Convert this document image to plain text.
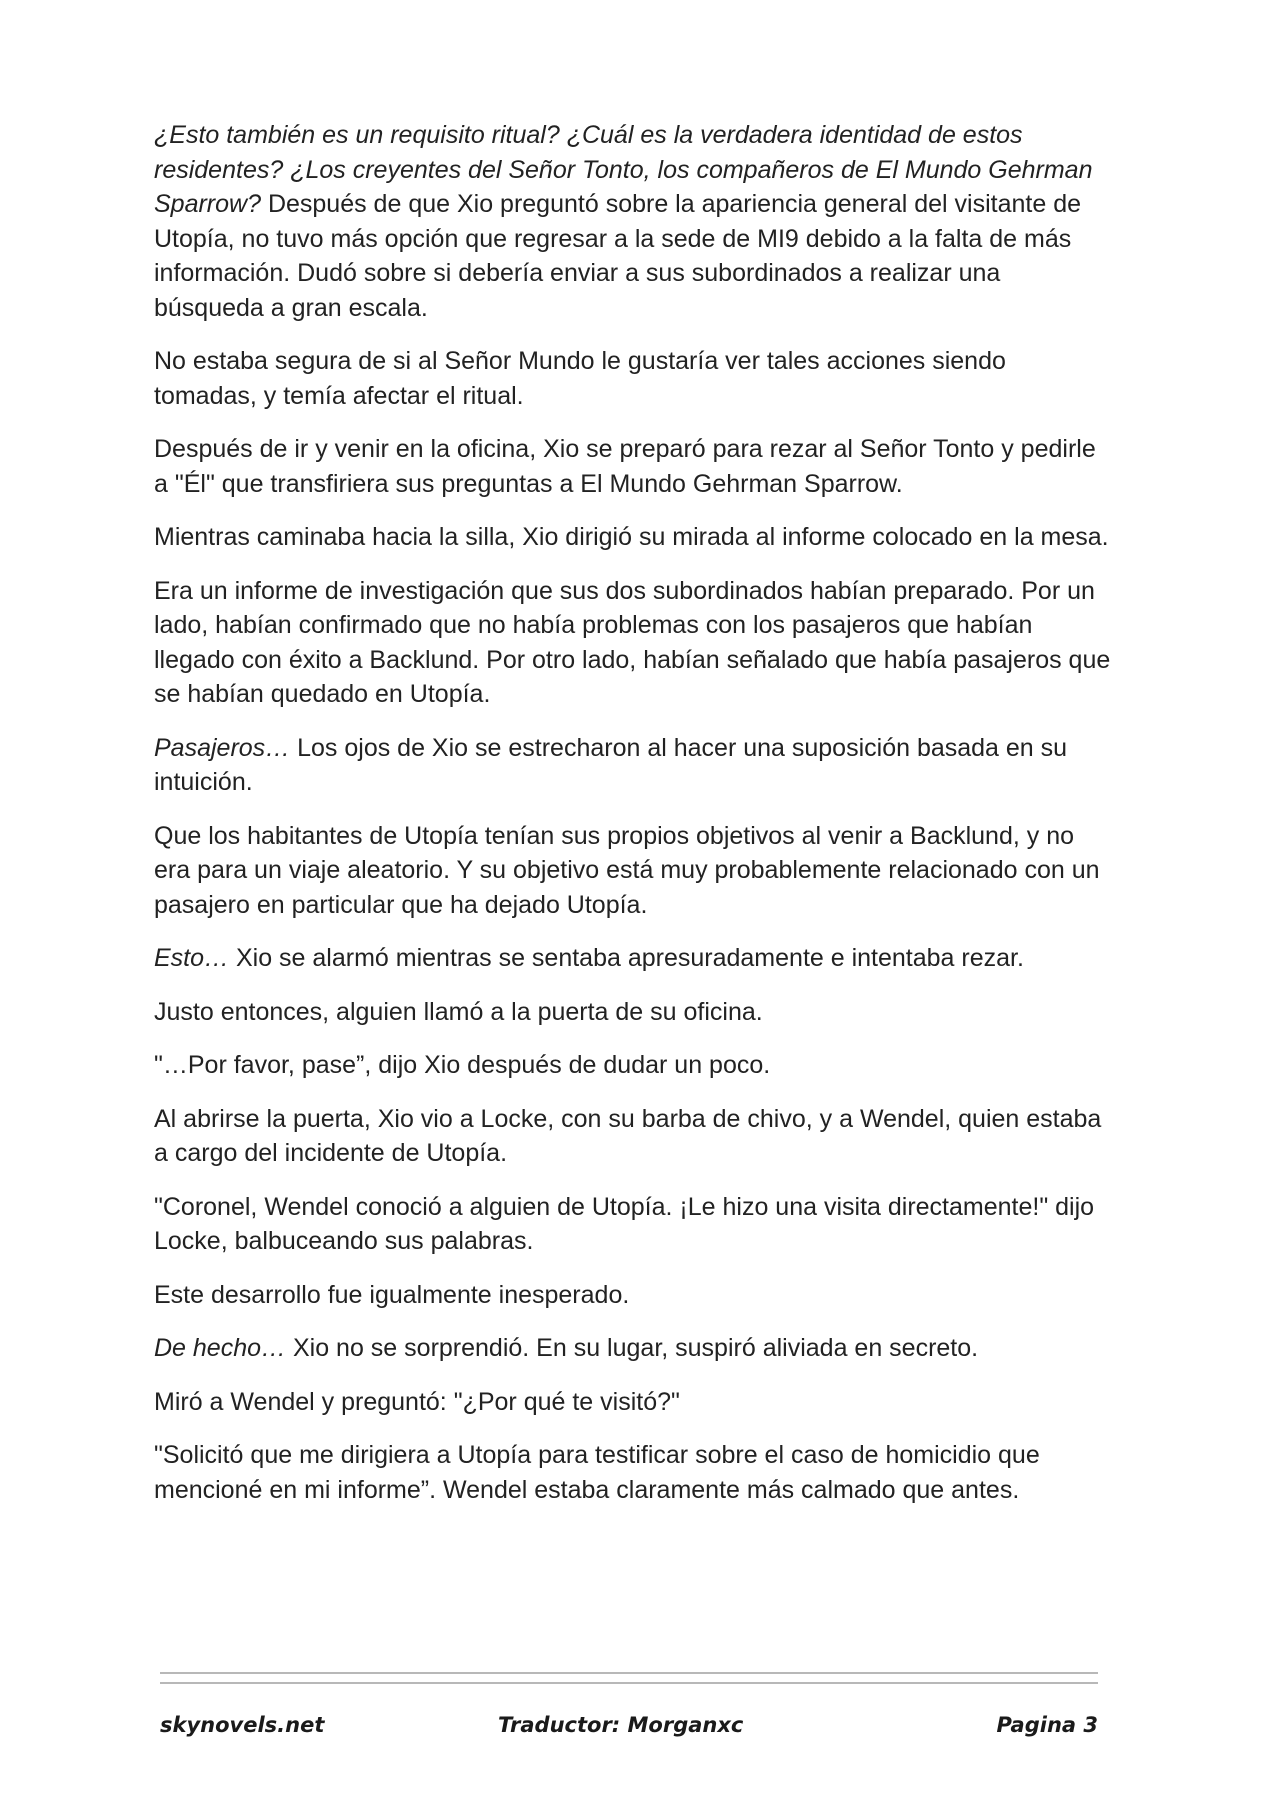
¿Esto también es un requisito ritual? ¿Cuál es la verdadera identidad de estos residentes? ¿Los creyentes del Señor Tonto, los compañeros de El Mundo Gehrman Sparrow? Después de que Xio preguntó sobre la apariencia general del visitante de Utopía, no tuvo más opción que regresar a la sede de MI9 debido a la falta de más información. Dudó sobre si debería enviar a sus subordinados a realizar una búsqueda a gran escala.

No estaba segura de si al Señor Mundo le gustaría ver tales acciones siendo tomadas, y temía afectar el ritual.

Después de ir y venir en la oficina, Xio se preparó para rezar al Señor Tonto y pedirle a "Él" que transfiriera sus preguntas a El Mundo Gehrman Sparrow.

Mientras caminaba hacia la silla, Xio dirigió su mirada al informe colocado en la mesa.

Era un informe de investigación que sus dos subordinados habían preparado. Por un lado, habían confirmado que no había problemas con los pasajeros que habían llegado con éxito a Backlund. Por otro lado, habían señalado que había pasajeros que se habían quedado en Utopía.

Pasajeros… Los ojos de Xio se estrecharon al hacer una suposición basada en su intuición.

Que los habitantes de Utopía tenían sus propios objetivos al venir a Backlund, y no era para un viaje aleatorio. Y su objetivo está muy probablemente relacionado con un pasajero en particular que ha dejado Utopía.

Esto… Xio se alarmó mientras se sentaba apresuradamente e intentaba rezar.

Justo entonces, alguien llamó a la puerta de su oficina.

"…Por favor, pase”, dijo Xio después de dudar un poco.

Al abrirse la puerta, Xio vio a Locke, con su barba de chivo, y a Wendel, quien estaba a cargo del incidente de Utopía.

"Coronel, Wendel conoció a alguien de Utopía. ¡Le hizo una visita directamente!" dijo Locke, balbuceando sus palabras.

Este desarrollo fue igualmente inesperado.

De hecho… Xio no se sorprendió. En su lugar, suspiró aliviada en secreto.

Miró a Wendel y preguntó: "¿Por qué te visitó?"

"Solicitó que me dirigiera a Utopía para testificar sobre el caso de homicidio que mencioné en mi informe”. Wendel estaba claramente más calmado que antes.

skynovels.net	Traductor: Morganxc	Pagina 3
